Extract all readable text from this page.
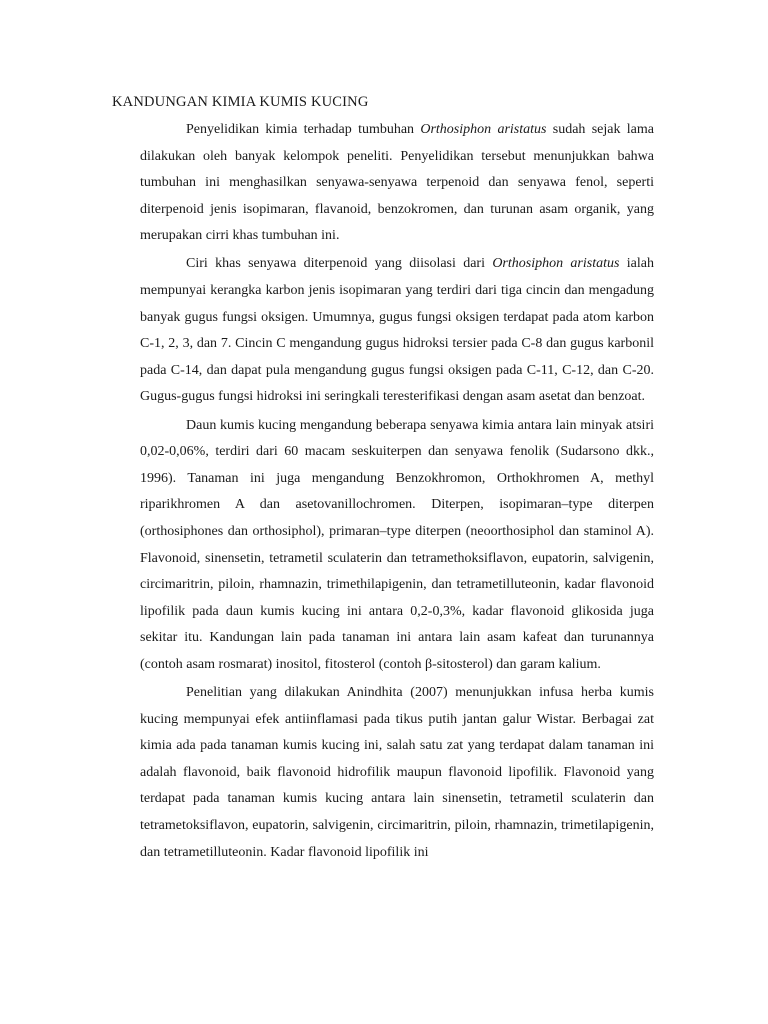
KANDUNGAN KIMIA KUMIS KUCING

Penyelidikan kimia terhadap tumbuhan Orthosiphon aristatus sudah sejak lama dilakukan oleh banyak kelompok peneliti. Penyelidikan tersebut menunjukkan bahwa tumbuhan ini menghasilkan senyawa-senyawa terpenoid dan senyawa fenol, seperti diterpenoid jenis isopimaran, flavanoid, benzokromen, dan turunan asam organik, yang merupakan cirri khas tumbuhan ini.

Ciri khas senyawa diterpenoid yang diisolasi dari Orthosiphon aristatus ialah mempunyai kerangka karbon jenis isopimaran yang terdiri dari tiga cincin dan mengadung banyak gugus fungsi oksigen. Umumnya, gugus fungsi oksigen terdapat pada atom karbon C-1, 2, 3, dan 7. Cincin C mengandung gugus hidroksi tersier pada C-8 dan gugus karbonil pada C-14, dan dapat pula mengandung gugus fungsi oksigen pada C-11, C-12, dan C-20. Gugus-gugus fungsi hidroksi ini seringkali teresterifikasi dengan asam asetat dan benzoat.

Daun kumis kucing mengandung beberapa senyawa kimia antara lain minyak atsiri 0,02-0,06%, terdiri dari 60 macam seskuiterpen dan senyawa fenolik (Sudarsono dkk., 1996). Tanaman ini juga mengandung Benzokhromon, Orthokhromen A, methyl riparikhromen A dan asetovanillochromen. Diterpen, isopimaran–type diterpen (orthosiphones dan orthosiphol), primaran–type diterpen (neoorthosiphol dan staminol A). Flavonoid, sinensetin, tetrametil sculaterin dan tetramethoksiflavon, eupatorin, salvigenin, circimaritrin, piloin, rhamnazin, trimethilapigenin, dan tetrametilluteonin, kadar flavonoid lipofilik pada daun kumis kucing ini antara 0,2-0,3%, kadar flavonoid glikosida juga sekitar itu. Kandungan lain pada tanaman ini antara lain asam kafeat dan turunannya (contoh asam rosmarat) inositol, fitosterol (contoh β-sitosterol) dan garam kalium.

Penelitian yang dilakukan Anindhita (2007) menunjukkan infusa herba kumis kucing mempunyai efek antiinflamasi pada tikus putih jantan galur Wistar. Berbagai zat kimia ada pada tanaman kumis kucing ini, salah satu zat yang terdapat dalam tanaman ini adalah flavonoid, baik flavonoid hidrofilik maupun flavonoid lipofilik. Flavonoid yang terdapat pada tanaman kumis kucing antara lain sinensetin, tetrametil sculaterin dan tetrametoksiflavon, eupatorin, salvigenin, circimaritrin, piloin, rhamnazin, trimetilapigenin, dan tetrametilluteonin. Kadar flavonoid lipofilik ini
